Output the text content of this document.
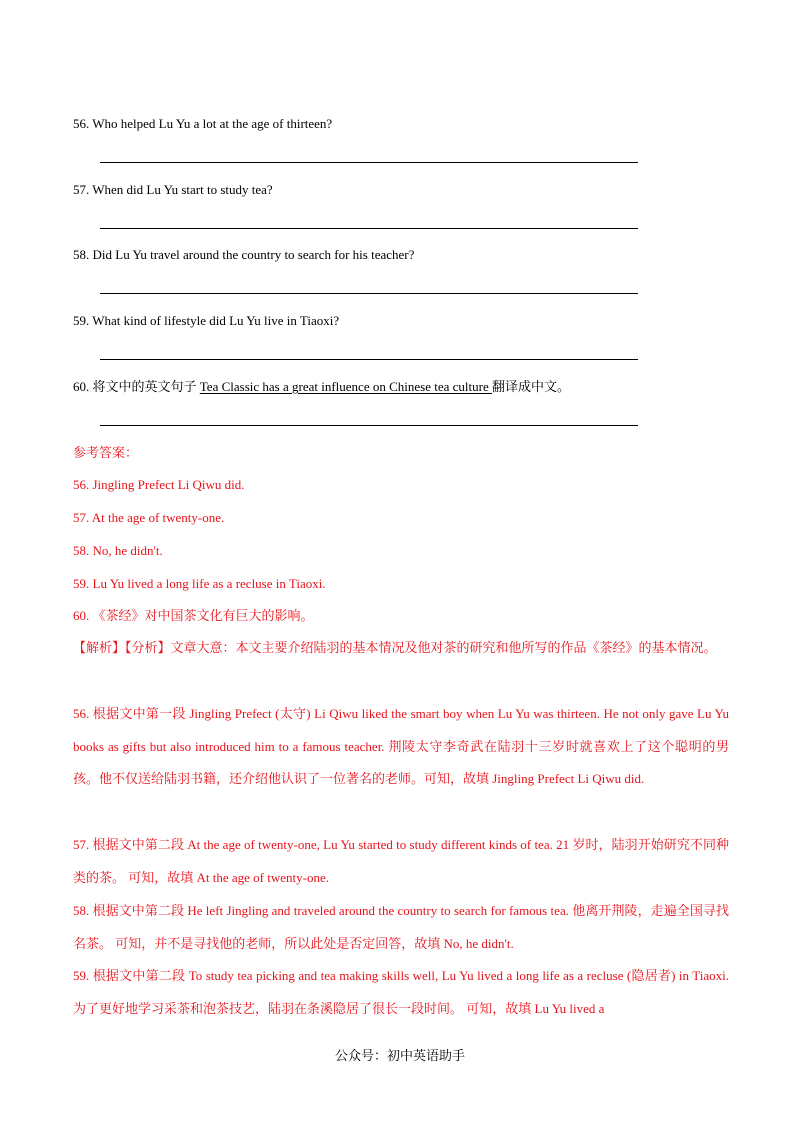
56. Who helped Lu Yu a lot at the age of thirteen?
57. When did Lu Yu start to study tea?
58. Did Lu Yu travel around the country to search for his teacher?
59. What kind of lifestyle did Lu Yu live in Tiaoxi?
60. 将文中的英文句子 Tea Classic has a great influence on Chinese tea culture 翻译成中文。
参考答案：
56. Jingling Prefect Li Qiwu did.
57. At the age of twenty-one.
58. No, he didn't.
59. Lu Yu lived a long life as a recluse in Tiaoxi.
60. 《茶经》对中国茶文化有巨大的影响。
【解析】【分析】文章大意：本文主要介绍陆羽的基本情况及他对茶的研究和他所写的作品《茶经》的基本情况。
56. 根据文中第一段 Jingling Prefect (太守) Li Qiwu liked the smart boy when Lu Yu was thirteen. He not only gave Lu Yu books as gifts but also introduced him to a famous teacher. 荆陵太守李奇武在陆羽十三岁时就喜欢上了这个聪明的男孩。他不仅送给陆羽书籍，还介绍他认识了一位著名的老师。可知，故填 Jingling Prefect Li Qiwu did.
57. 根据文中第二段 At the age of twenty-one, Lu Yu started to study different kinds of tea. 21 岁时，陆羽开始研究不同种类的茶。 可知，故填 At the age of twenty-one.
58. 根据文中第二段 He left Jingling and traveled around the country to search for famous tea. 他离开荆陵，走遍全国寻找名茶。 可知，并不是寻找他的老师，所以此处是否定回答，故填 No, he didn't.
59. 根据文中第二段 To study tea picking and tea making skills well, Lu Yu lived a long life as a recluse (隐居者) in Tiaoxi.为了更好地学习采茶和泡茶技艺，陆羽在条溪隐居了很长一段时间。 可知，故填 Lu Yu lived a
公众号：初中英语助手
